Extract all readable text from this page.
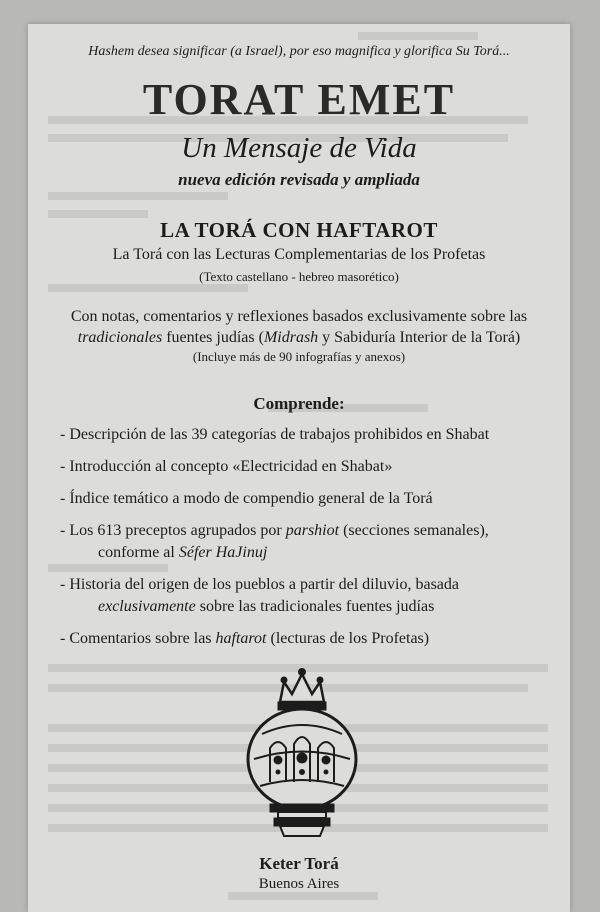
Hashem desea significar (a Israel), por eso magnifica y glorifica Su Torá...
TORAT EMET
Un Mensaje de Vida
nueva edición revisada y ampliada
LA TORÁ CON HAFTAROT
La Torá con las Lecturas Complementarias de los Profetas
(Texto castellano - hebreo masorético)
Con notas, comentarios y reflexiones basados exclusivamente sobre las
tradicionales fuentes judías (Midrash y Sabiduría Interior de la Torá)
(Incluye más de 90 infografías y anexos)
Comprende:
- Descripción de las 39 categorías de trabajos prohibidos en Shabat
- Introducción al concepto «Electricidad en Shabat»
- Índice temático a modo de compendio general de la Torá
- Los 613 preceptos agrupados por parshiot (secciones semanales),
conforme al Séfer HaJinuj
- Historia del origen de los pueblos a partir del diluvio, basada
exclusivamente sobre las tradicionales fuentes judías
- Comentarios sobre las haftarot (lecturas de los Profetas)
Keter Torá
Buenos Aires
